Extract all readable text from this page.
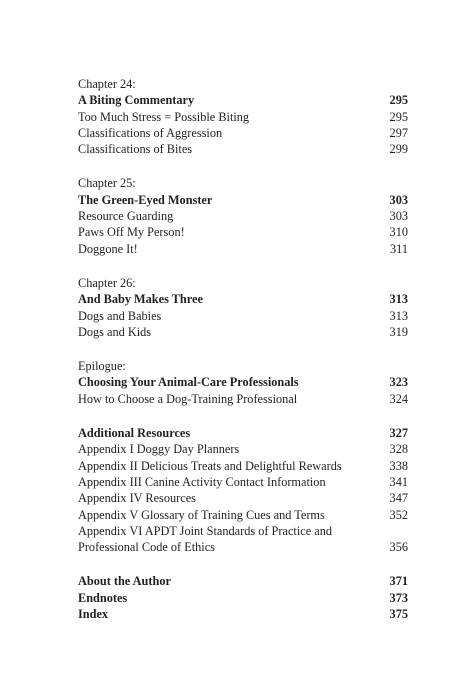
Chapter 24:
A Biting Commentary	295
Too Much Stress = Possible Biting	295
Classifications of Aggression	297
Classifications of Bites	299
Chapter 25:
The Green-Eyed Monster	303
Resource Guarding	303
Paws Off My Person!	310
Doggone It!	311
Chapter 26:
And Baby Makes Three	313
Dogs and Babies	313
Dogs and Kids	319
Epilogue:
Choosing Your Animal-Care Professionals	323
How to Choose a Dog-Training Professional	324
Additional Resources	327
Appendix I Doggy Day Planners	328
Appendix II Delicious Treats and Delightful Rewards	338
Appendix III Canine Activity Contact Information	341
Appendix IV Resources	347
Appendix V Glossary of Training Cues and Terms	352
Appendix VI APDT Joint Standards of Practice and
Professional Code of Ethics	356
About the Author	371
Endnotes	373
Index	375
